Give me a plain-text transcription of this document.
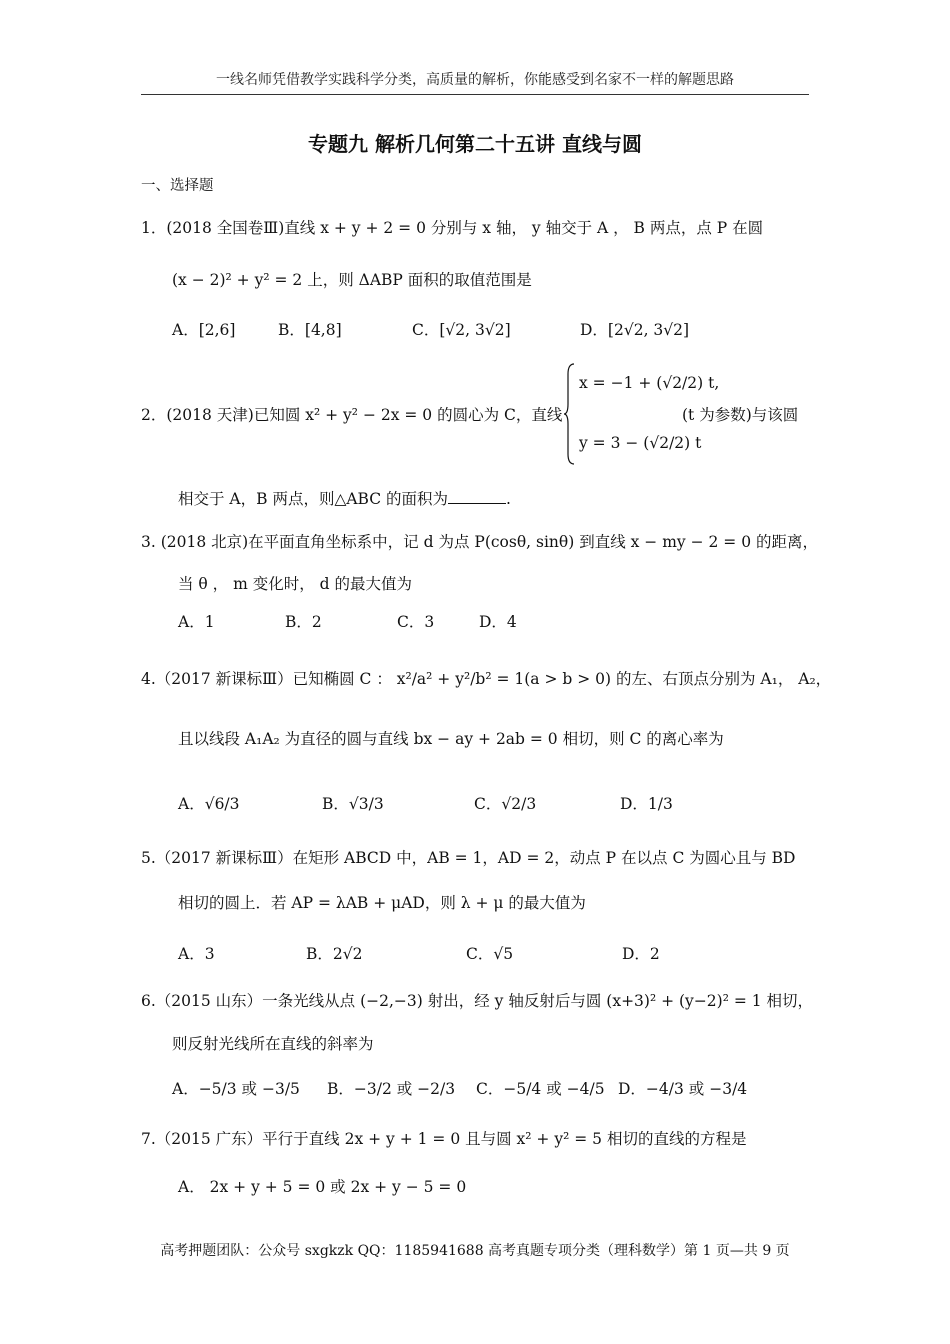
一线名师凭借教学实践科学分类，高质量的解析，你能感受到名家不一样的解题思路
专题九 解析几何第二十五讲 直线与圆
一、选择题
1．(2018 全国卷Ⅲ)直线 x + y + 2 = 0 分别与 x 轴， y 轴交于 A ， B 两点，点 P 在圆
(x − 2)² + y² = 2 上，则 ΔABP 面积的取值范围是
A．[2,6]	B．[4,8]	C．[√2, 3√2]	D．[2√2, 3√2]
2．(2018 天津)已知圆 x² + y² − 2x = 0 的圆心为 C，直线
x = −1 + (√2/2) t,
y = 3 − (√2/2) t
(t 为参数)与该圆
相交于 A，B 两点，则△ABC 的面积为	.
3. (2018 北京)在平面直角坐标系中，记 d 为点 P(cosθ, sinθ) 到直线 x − my − 2 = 0 的距离，
当 θ ， m 变化时， d 的最大值为
A．1	B．2	C．3	D．4
4.（2017 新课标Ⅲ）已知椭圆 C ： x²/a² + y²/b² = 1(a > b > 0) 的左、右顶点分别为 A₁， A₂，
且以线段 A₁A₂ 为直径的圆与直线 bx − ay + 2ab = 0 相切，则 C 的离心率为
A．√6/3	B．√3/3	C．√2/3	D．1/3
5.（2017 新课标Ⅲ）在矩形 ABCD 中，AB = 1，AD = 2，动点 P 在以点 C 为圆心且与 BD
相切的圆上．若 AP = λAB + μAD，则 λ + μ 的最大值为
A．3	B．2√2	C．√5	D．2
6.（2015 山东）一条光线从点 (−2,−3) 射出，经 y 轴反射后与圆 (x+3)² + (y−2)² = 1 相切，
则反射光线所在直线的斜率为
A．−5/3 或 −3/5 B．−3/2 或 −2/3 C．−5/4 或 −4/5 D．−4/3 或 −3/4
7.（2015 广东）平行于直线 2x + y + 1 = 0 且与圆 x² + y² = 5 相切的直线的方程是
A． 2x + y + 5 = 0 或 2x + y − 5 = 0
高考押题团队：公众号 sxgkzk QQ：1185941688 高考真题专项分类（理科数学）第 1 页—共 9 页
